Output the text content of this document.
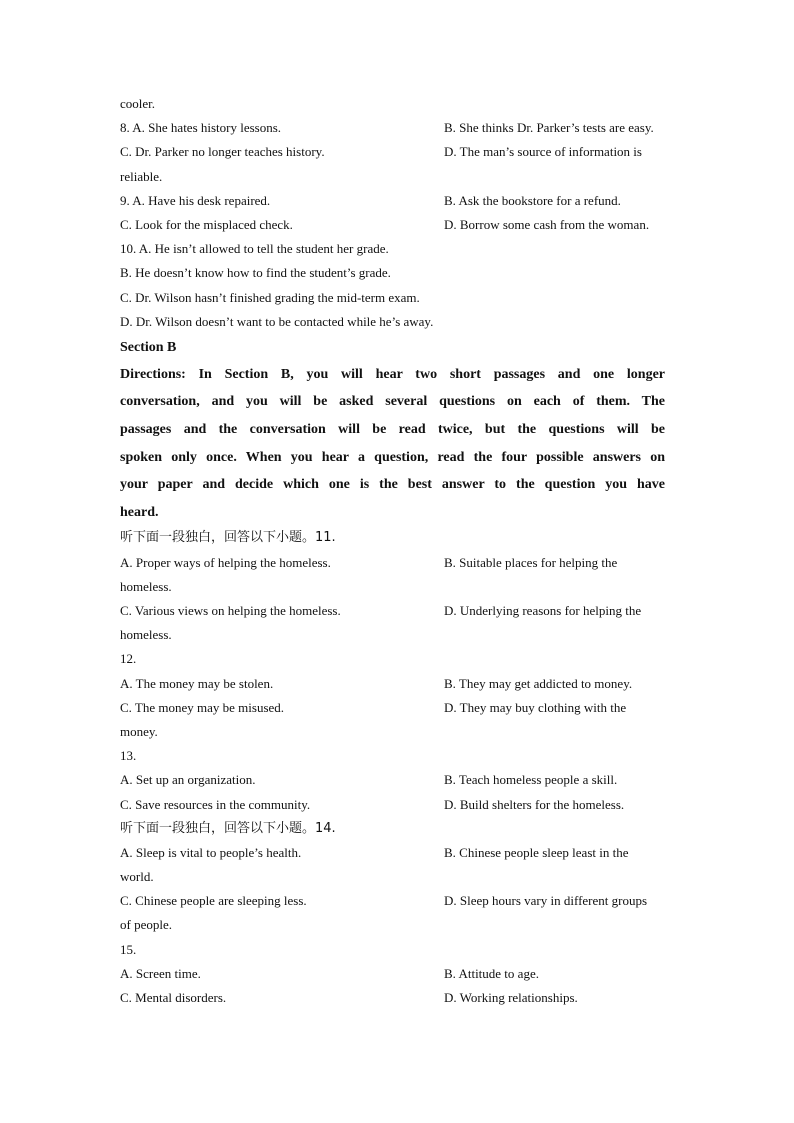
cooler.
8. A. She hates history lessons.	B. She thinks Dr. Parker’s tests are easy.
C. Dr. Parker no longer teaches history.	D. The man’s source of information is
reliable.
9. A. Have his desk repaired.	B. Ask the bookstore for a refund.
C. Look for the misplaced check.	D. Borrow some cash from the woman.
10. A. He isn’t allowed to tell the student her grade.
B. He doesn’t know how to find the student’s grade.
C. Dr. Wilson hasn’t finished grading the mid-term exam.
D. Dr. Wilson doesn’t want to be contacted while he’s away.
Section B
Directions: In Section B, you will hear two short passages and one longer
conversation, and you will be asked several questions on each of them. The
passages and the conversation will be read twice, but the questions will be
spoken only once. When you hear a question, read the four possible answers on
your paper and decide which one is the best answer to the question you have
heard.
听下面一段独白，回答以下小题。11.
A. Proper ways of helping the homeless.	B. Suitable places for helping the
homeless.
C. Various views on helping the homeless.	D. Underlying reasons for helping the
homeless.
12.
A. The money may be stolen.	B. They may get addicted to money.
C. The money may be misused.	D. They may buy clothing with the
money.
13.
A. Set up an organization.	B. Teach homeless people a skill.
C. Save resources in the community.	D. Build shelters for the homeless.
听下面一段独白，回答以下小题。14.
A. Sleep is vital to people’s health.	B. Chinese people sleep least in the
world.
C. Chinese people are sleeping less.	D. Sleep hours vary in different groups
of people.
15.
A. Screen time.	B. Attitude to age.
C. Mental disorders.	D. Working relationships.
